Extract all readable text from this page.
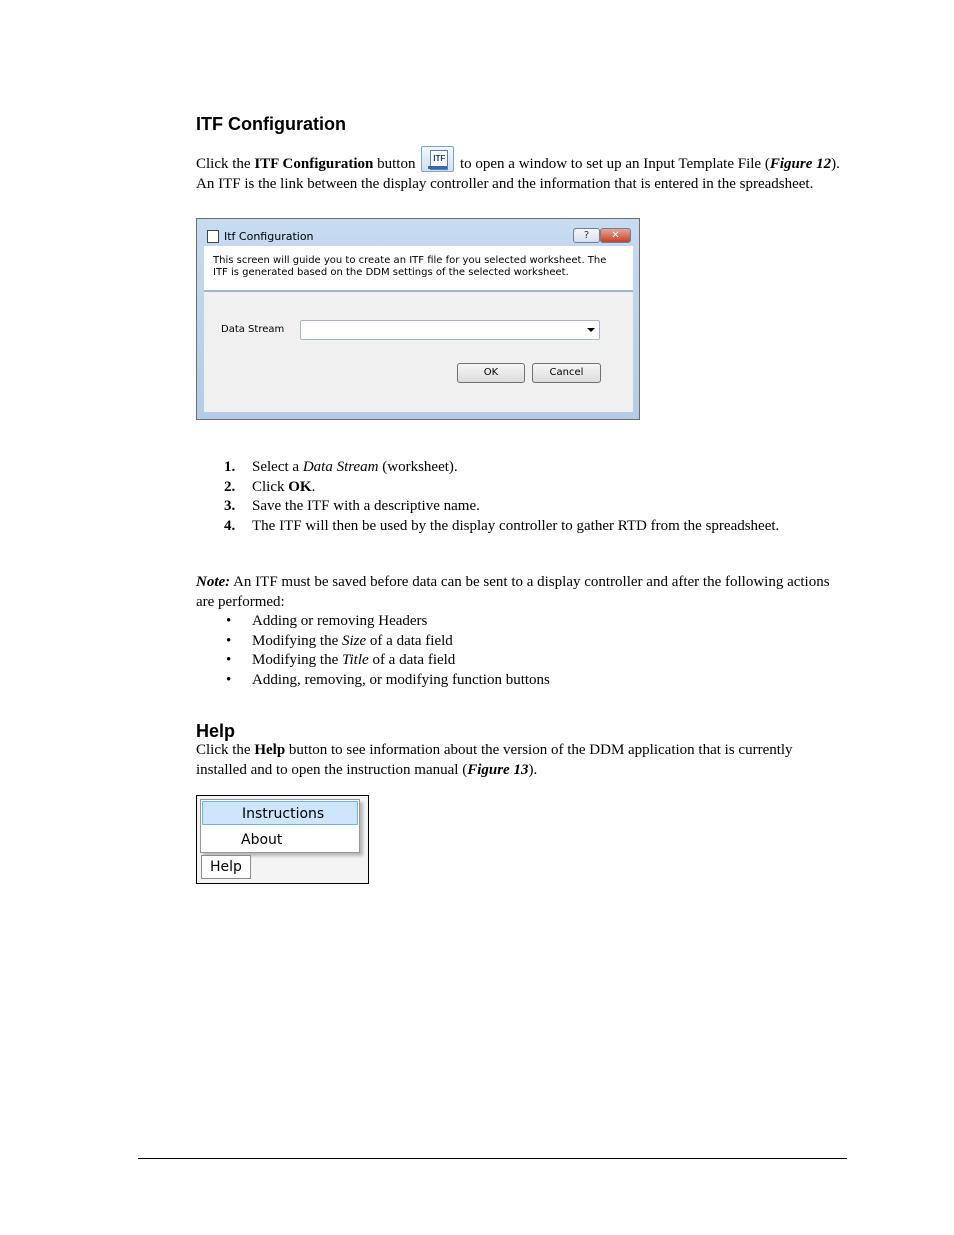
ITF Configuration

Click the ITF Configuration button	ITF to open a window to set up an Input Template File (Figure 12). An ITF is the link between the display controller and the information that is entered in the spreadsheet.

Itf Configuration	?	✕
This screen will guide you to create an ITF file for you selected worksheet. The ITF is generated based on the DDM settings of the selected worksheet.
Data Stream
OK	Cancel
1. Select a Data Stream (worksheet).
2. Click OK.
3. Save the ITF with a descriptive name.
4. The ITF will then be used by the display controller to gather RTD from the spreadsheet.

Note: An ITF must be saved before data can be sent to a display controller and after the following actions are performed:

• Adding or removing Headers
• Modifying the Size of a data field
• Modifying the Title of a data field
• Adding, removing, or modifying function buttons
Help

Click the Help button to see information about the version of the DDM application that is currently installed and to open the instruction manual (Figure 13).

Instructions
About
Help
